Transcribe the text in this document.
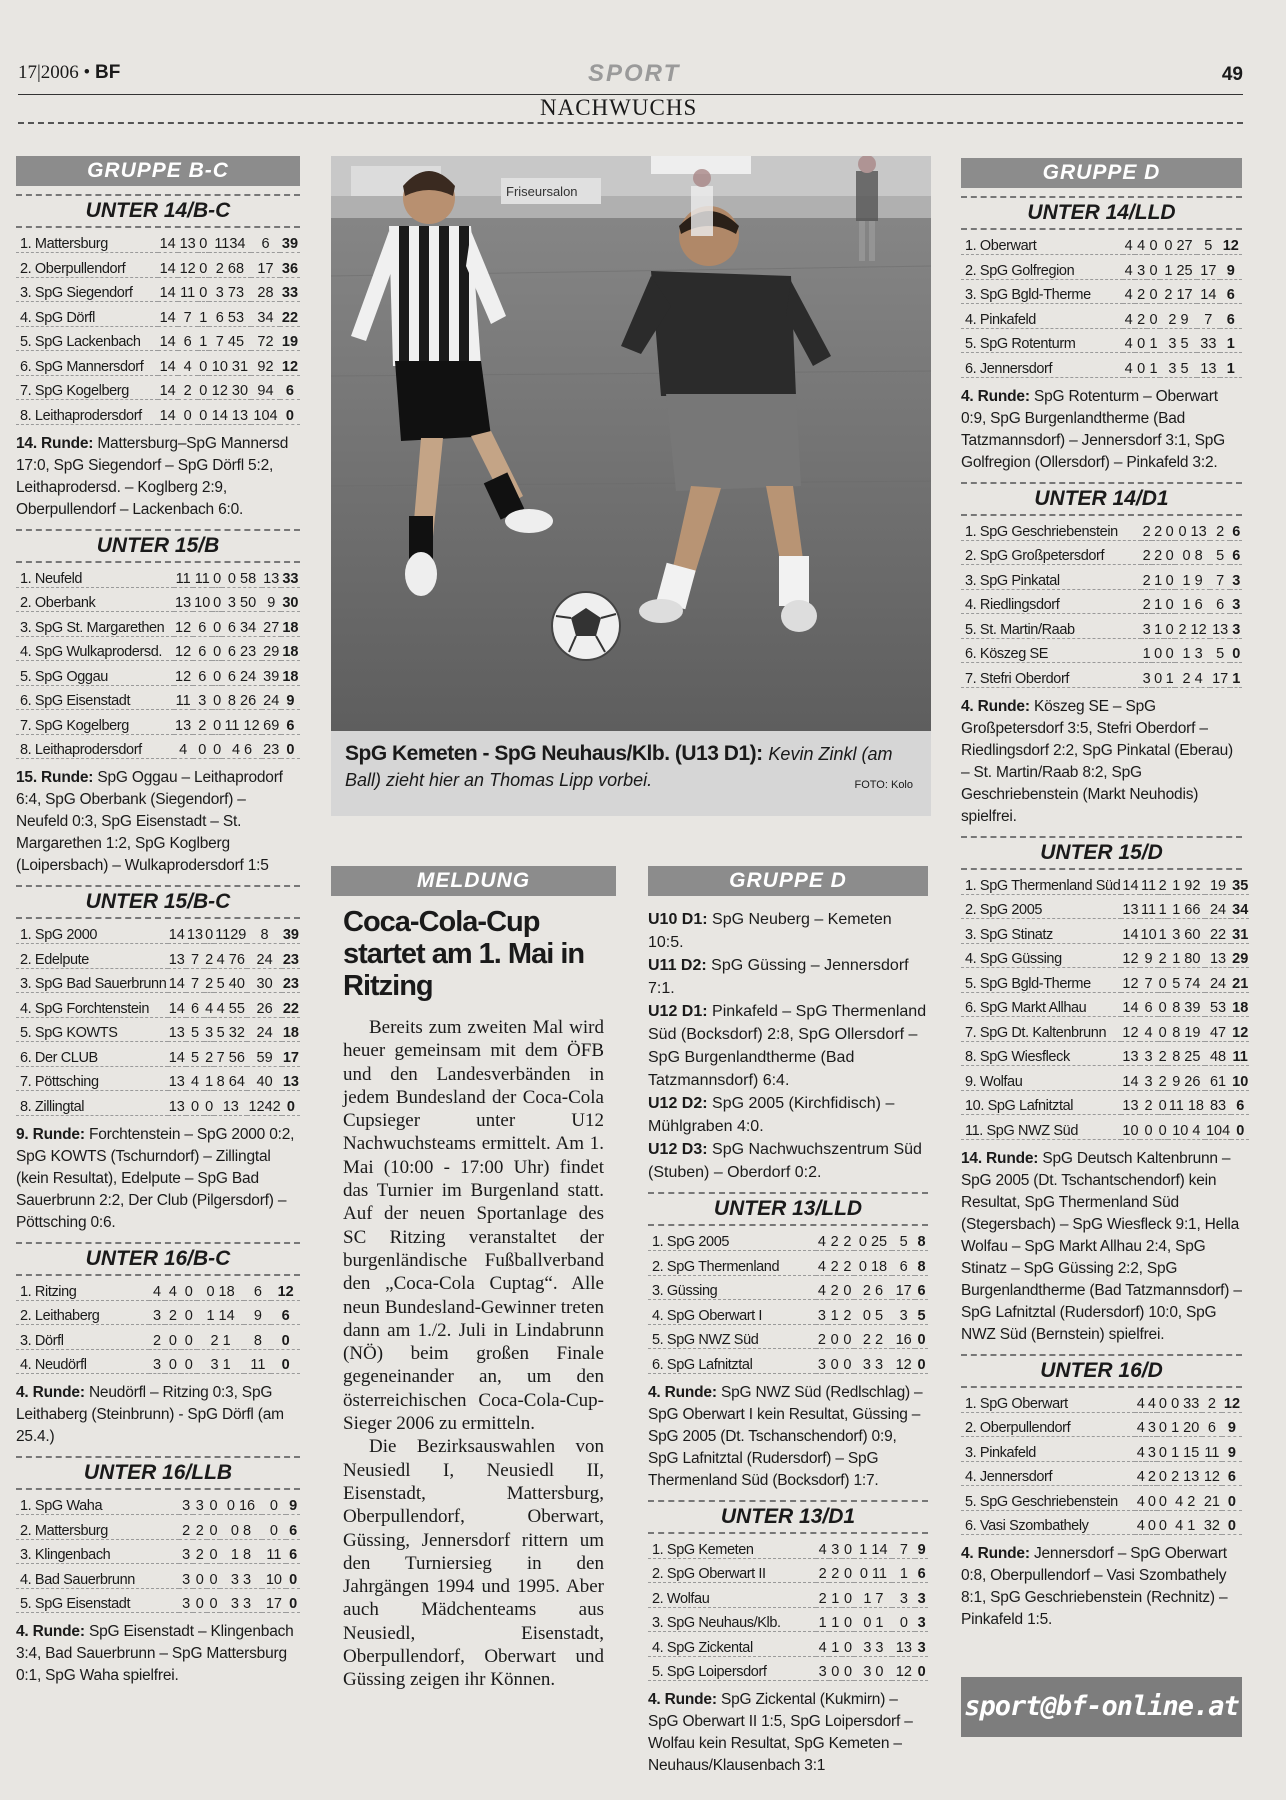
17|2006 • BF	SPORT	49
NACHWUCHS
GRUPPE B-C
UNTER 14/B-C
1. Mattersburg	14	13	0	1134	6	39
2. Oberpullendorf	14	12	0	2 68	17	36
3. SpG Siegendorf	14	11	0	3 73	28	33
4. SpG Dörfl	14	7	1	6 53	34	22
5. SpG Lackenbach	14	6	1	7 45	72	19
6. SpG Mannersdorf	14	4	0	10 31	92	12
7. SpG Kogelberg	14	2	0	12 30	94	6
8. Leithaprodersdorf	14	0	0	14 13	104	0
14. Runde: Mattersburg–SpG Mannersd 17:0, SpG Siegendorf – SpG Dörfl 5:2, Leithaprodersd. – Koglberg 2:9, Oberpullendorf – Lackenbach 6:0.
UNTER 15/B
1. Neufeld	11	11	0	0 58	13	33
2. Oberbank	13	10	0	3 50	9	30
3. SpG St. Margarethen	12	6	0	6 34	27	18
4. SpG Wulkaprodersd.	12	6	0	6 23	29	18
5. SpG Oggau	12	6	0	6 24	39	18
6. SpG Eisenstadt	11	3	0	8 26	24	9
7. SpG Kogelberg	13	2	0	11 12	69	6
8. Leithaprodersdorf	4	0	0	4 6	23	0
15. Runde: SpG Oggau – Leithaprodorf 6:4, SpG Oberbank (Siegendorf) – Neufeld 0:3, SpG Eisenstadt – St. Margarethen 1:2, SpG Koglberg (Loipersbach) – Wulkaprodersdorf 1:5
UNTER 15/B-C
1. SpG 2000	14	13	0	1129	8	39
2. Edelpute	13	7	2	4 76	24	23
3. SpG Bad Sauerbrunn	14	7	2	5 40	30	23
4. SpG Forchtenstein	14	6	4	4 55	26	22
5. SpG KOWTS	13	5	3	5 32	24	18
6. Der CLUB	14	5	2	7 56	59	17
7. Pöttsching	13	4	1	8 64	40	13
8. Zillingtal	13	0	0	13	1242	0
9. Runde: Forchtenstein – SpG 2000 0:2, SpG KOWTS (Tschurndorf) – Zillingtal (kein Resultat), Edelpute – SpG Bad Sauerbrunn 2:2, Der Club (Pilgersdorf) – Pöttsching 0:6.
UNTER 16/B-C
1. Ritzing	4	4	0	0 18	6	12
2. Leithaberg	3	2	0	1 14	9	6
3. Dörfl	2	0	0	2 1	8	0
4. Neudörfl	3	0	0	3 1	11	0
4. Runde: Neudörfl – Ritzing 0:3, SpG Leithaberg (Steinbrunn) - SpG Dörfl (am 25.4.)
UNTER 16/LLB
1. SpG Waha	3	3	0	0 16	0	9
2. Mattersburg	2	2	0	0 8	0	6
3. Klingenbach	3	2	0	1 8	11	6
4. Bad Sauerbrunn	3	0	0	3 3	10	0
5. SpG Eisenstadt	3	0	0	3 3	17	0
4. Runde: SpG Eisenstadt – Klingenbach 3:4, Bad Sauerbrunn – SpG Mattersburg 0:1, SpG Waha spielfrei.
Friseursalon
SpG Kemeten - SpG Neuhaus/Klb. (U13 D1): Kevin Zinkl (am Ball) zieht hier an Thomas Lipp vorbei.	FOTO: Kolo
MELDUNG
Coca-Cola-Cup startet am 1. Mai in Ritzing

Bereits zum zweiten Mal wird heuer gemeinsam mit dem ÖFB und den Landesverbänden in jedem Bundesland der Coca-Cola Cupsieger unter U12 Nachwuchsteams ermittelt. Am 1. Mai (10:00 - 17:00 Uhr) findet das Turnier im Burgenland statt. Auf der neuen Sportanlage des SC Ritzing veranstaltet der burgenländische Fußballverband den „Coca-Cola Cuptag“. Alle neun Bundesland-Gewinner treten dann am 1./2. Juli in Lindabrunn (NÖ) beim großen Finale gegeneinander an, um den österreichischen Coca-Cola-Cup-Sieger 2006 zu ermitteln.

Die Bezirksauswahlen von Neusiedl I, Neusiedl II, Eisenstadt, Mattersburg, Oberpullendorf, Oberwart, Güssing, Jennersdorf rittern um den Turniersieg in den Jahrgängen 1994 und 1995. Aber auch Mädchenteams aus Neusiedl, Eisenstadt, Oberpullendorf, Oberwart und Güssing zeigen ihr Können.

GRUPPE D
U10 D1: SpG Neuberg – Kemeten 10:5.
U11 D2: SpG Güssing – Jennersdorf 7:1.
U12 D1: Pinkafeld – SpG Thermenland Süd (Bocksdorf) 2:8, SpG Ollersdorf – SpG Burgenlandtherme (Bad Tatzmannsdorf) 6:4.
U12 D2: SpG 2005 (Kirchfidisch) – Mühlgraben 4:0.
U12 D3: SpG Nachwuchszentrum Süd (Stuben) – Oberdorf 0:2.
UNTER 13/LLD
1. SpG 2005	4	2	2	0 25	5	8
2. SpG Thermenland	4	2	2	0 18	6	8
3. Güssing	4	2	0	2 6	17	6
4. SpG Oberwart I	3	1	2	0 5	3	5
5. SpG NWZ Süd	2	0	0	2 2	16	0
6. SpG Lafnitztal	3	0	0	3 3	12	0
4. Runde: SpG NWZ Süd (Redlschlag) – SpG Oberwart I kein Resultat, Güssing – SpG 2005 (Dt. Tschanschendorf) 0:9, SpG Lafnitztal (Rudersdorf) – SpG Thermenland Süd (Bocksdorf) 1:7.
UNTER 13/D1
1. SpG Kemeten	4	3	0	1 14	7	9
2. SpG Oberwart II	2	2	0	0 11	1	6
2. Wolfau	2	1	0	1 7	3	3
3. SpG Neuhaus/Klb.	1	1	0	0 1	0	3
4. SpG Zickental	4	1	0	3 3	13	3
5. SpG Loipersdorf	3	0	0	3 0	12	0
4. Runde: SpG Zickental (Kukmirn) – SpG Oberwart II 1:5, SpG Loipersdorf – Wolfau kein Resultat, SpG Kemeten – Neuhaus/Klausenbach 3:1
GRUPPE D
UNTER 14/LLD
1. Oberwart	4	4	0	0 27	5	12
2. SpG Golfregion	4	3	0	1 25	17	9
3. SpG Bgld-Therme	4	2	0	2 17	14	6
4. Pinkafeld	4	2	0	2 9	7	6
5. SpG Rotenturm	4	0	1	3 5	33	1
6. Jennersdorf	4	0	1	3 5	13	1
4. Runde: SpG Rotenturm – Oberwart 0:9, SpG Burgenlandtherme (Bad Tatzmannsdorf) – Jennersdorf 3:1, SpG Golfregion (Ollersdorf) – Pinkafeld 3:2.
UNTER 14/D1
1. SpG Geschriebenstein	2	2	0	0 13	2	6
2. SpG Großpetersdorf	2	2	0	0 8	5	6
3. SpG Pinkatal	2	1	0	1 9	7	3
4. Riedlingsdorf	2	1	0	1 6	6	3
5. St. Martin/Raab	3	1	0	2 12	13	3
6. Köszeg SE	1	0	0	1 3	5	0
7. Stefri Oberdorf	3	0	1	2 4	17	1
4. Runde: Köszeg SE – SpG Großpetersdorf 3:5, Stefri Oberdorf – Riedlingsdorf 2:2, SpG Pinkatal (Eberau) – St. Martin/Raab 8:2, SpG Geschriebenstein (Markt Neuhodis) spielfrei.
UNTER 15/D
1. SpG Thermenland Süd	14	11	2	1 92	19	35
2. SpG 2005	13	11	1	1 66	24	34
3. SpG Stinatz	14	10	1	3 60	22	31
4. SpG Güssing	12	9	2	1 80	13	29
5. SpG Bgld-Therme	12	7	0	5 74	24	21
6. SpG Markt Allhau	14	6	0	8 39	53	18
7. SpG Dt. Kaltenbrunn	12	4	0	8 19	47	12
8. SpG Wiesfleck	13	3	2	8 25	48	11
9. Wolfau	14	3	2	9 26	61	10
10. SpG Lafnitztal	13	2	0	11 18	83	6
11. SpG NWZ Süd	10	0	0	10 4	104	0
14. Runde: SpG Deutsch Kaltenbrunn – SpG 2005 (Dt. Tschantschendorf) kein Resultat, SpG Thermenland Süd (Stegersbach) – SpG Wiesfleck 9:1, Hella Wolfau – SpG Markt Allhau 2:4, SpG Stinatz – SpG Güssing 2:2, SpG Burgenlandtherme (Bad Tatzmannsdorf) – SpG Lafnitztal (Rudersdorf) 10:0, SpG NWZ Süd (Bernstein) spielfrei.
UNTER 16/D
1. SpG Oberwart	4	4	0	0 33	2	12
2. Oberpullendorf	4	3	0	1 20	6	9
3. Pinkafeld	4	3	0	1 15	11	9
4. Jennersdorf	4	2	0	2 13	12	6
5. SpG Geschriebenstein	4	0	0	4 2	21	0
6. Vasi Szombathely	4	0	0	4 1	32	0
4. Runde: Jennersdorf – SpG Oberwart 0:8, Oberpullendorf – Vasi Szombathely 8:1, SpG Geschriebenstein (Rechnitz) – Pinkafeld 1:5.
sport@bf-online.at
